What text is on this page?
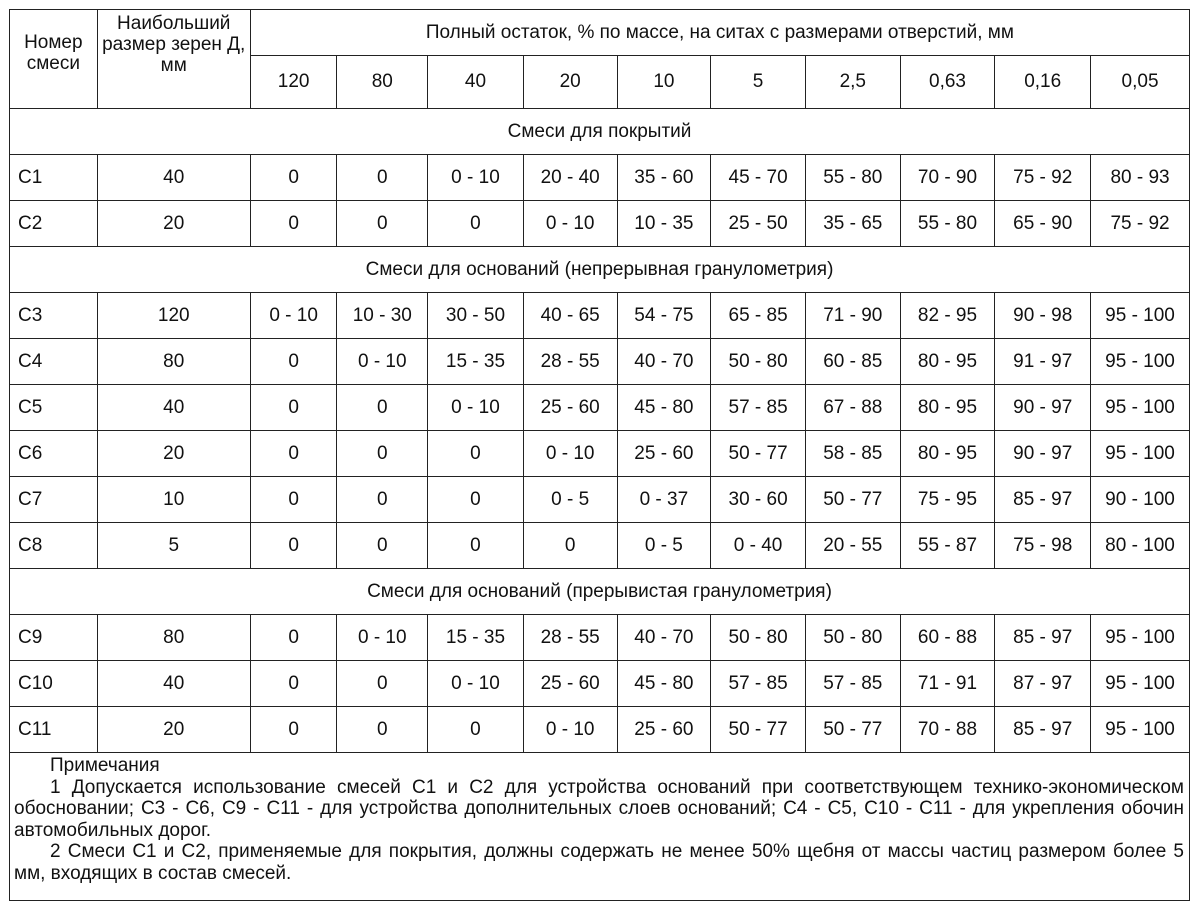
Номер смеси	Наибольший размер зерен Д, мм	Полный остаток, % по массе, на ситах с размерами отверстий, мм									
		120	80	40	20	10	5	2,5	0,63	0,16	0,05
Смеси для покрытий											
С1	40	0	0	0 - 10	20 - 40	35 - 60	45 - 70	55 - 80	70 - 90	75 - 92	80 - 93
С2	20	0	0	0	0 - 10	10 - 35	25 - 50	35 - 65	55 - 80	65 - 90	75 - 92
Смеси для оснований (непрерывная гранулометрия)											
С3	120	0 - 10	10 - 30	30 - 50	40 - 65	54 - 75	65 - 85	71 - 90	82 - 95	90 - 98	95 - 100
С4	80	0	0 - 10	15 - 35	28 - 55	40 - 70	50 - 80	60 - 85	80 - 95	91 - 97	95 - 100
С5	40	0	0	0 - 10	25 - 60	45 - 80	57 - 85	67 - 88	80 - 95	90 - 97	95 - 100
С6	20	0	0	0	0 - 10	25 - 60	50 - 77	58 - 85	80 - 95	90 - 97	95 - 100
С7	10	0	0	0	0 - 5	0 - 37	30 - 60	50 - 77	75 - 95	85 - 97	90 - 100
С8	5	0	0	0	0	0 - 5	0 - 40	20 - 55	55 - 87	75 - 98	80 - 100
Смеси для оснований (прерывистая гранулометрия)											
С9	80	0	0 - 10	15 - 35	28 - 55	40 - 70	50 - 80	50 - 80	60 - 88	85 - 97	95 - 100
С10	40	0	0	0 - 10	25 - 60	45 - 80	57 - 85	57 - 85	71 - 91	87 - 97	95 - 100
С11	20	0	0	0	0 - 10	25 - 60	50 - 77	50 - 77	70 - 88	85 - 97	95 - 100
Примечания
1 Допускается использование смесей С1 и С2 для устройства оснований при соответствующем технико-экономическом обосновании; С3 - С6, С9 - С11 - для устройства дополнительных слоев оснований; С4 - С5, С10 - С11 - для укрепления обочин автомобильных дорог.
2 Смеси С1 и С2, применяемые для покрытия, должны содержать не менее 50% щебня от массы частиц размером более 5 мм, входящих в состав смесей.
